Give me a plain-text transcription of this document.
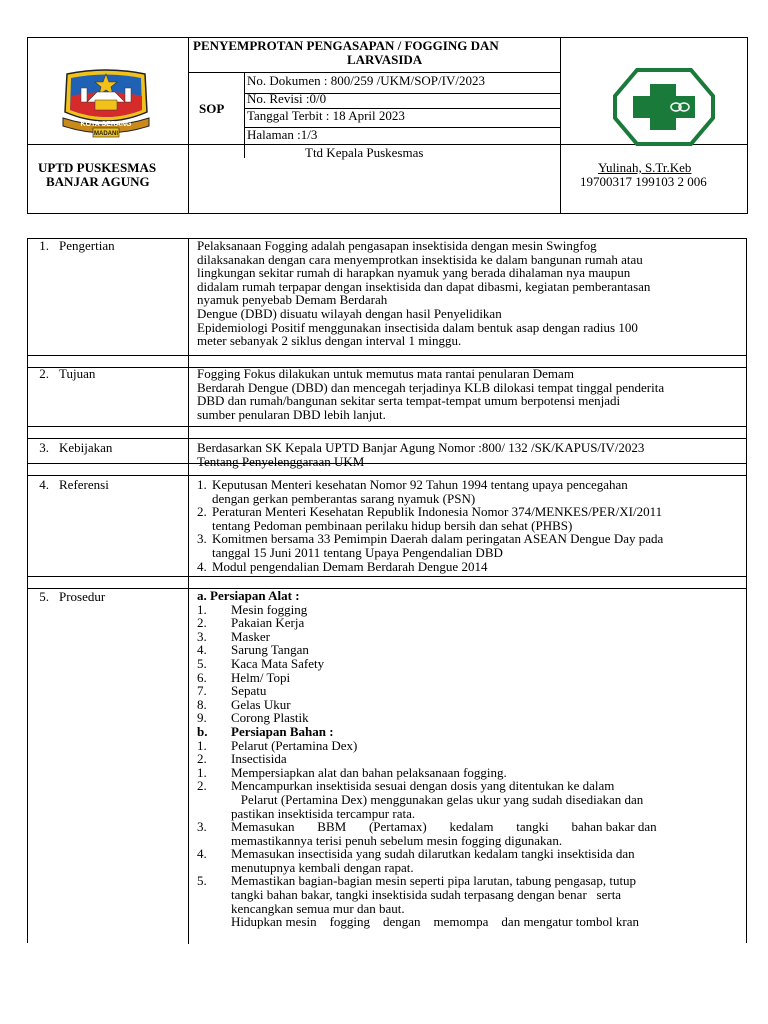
KOTA SERANG
MADANI
PENYEMPROTAN PENGASAPAN / FOGGING DAN
LARVASIDA
SOP
No. Dokumen : 800/259 /UKM/SOP/IV/2023
No. Revisi :0/0
Tanggal Terbit : 18 April 2023
Halaman :1/3
UPTD PUSKESMAS
BANJAR AGUNG
Ttd Kepala Puskesmas
Yulinah, S.Tr.Keb
19700317 199103 2 006
1. Pengertian
2. Tujuan
3. Kebijakan
4. Referensi
5. Prosedur
Pelaksanaan Fogging adalah pengasapan insektisida dengan mesin Swingfog
dilaksanakan dengan cara menyemprotkan insektisida ke dalam bangunan rumah atau
lingkungan sekitar rumah di harapkan nyamuk yang berada dihalaman nya maupun
didalam rumah terpapar dengan insektisida dan dapat dibasmi, kegiatan pemberantasan
nyamuk penyebab Demam Berdarah
Dengue (DBD) disuatu wilayah dengan hasil Penyelidikan
Epidemiologi Positif menggunakan insectisida dalam bentuk asap dengan radius 100
meter sebanyak 2 siklus dengan interval 1 minggu.
Fogging Fokus dilakukan untuk memutus mata rantai penularan Demam
Berdarah Dengue (DBD) dan mencegah terjadinya KLB dilokasi tempat tinggal penderita
DBD dan rumah/bangunan sekitar serta tempat-tempat umum berpotensi menjadi
sumber penularan DBD lebih lanjut.
Berdasarkan SK Kepala UPTD Banjar Agung Nomor :800/ 132 /SK/KAPUS/IV/2023
Tentang Penyelenggaraan UKM
1. Keputusan Menteri kesehatan Nomor 92 Tahun 1994 tentang upaya pencegahan
dengan gerkan pemberantas sarang nyamuk (PSN)
2. Peraturan Menteri Kesehatan Republik Indonesia Nomor 374/MENKES/PER/XI/2011
tentang Pedoman pembinaan perilaku hidup bersih dan sehat (PHBS)
3. Komitmen bersama 33 Pemimpin Daerah dalam peringatan ASEAN Dengue Day pada
tanggal 15 Juni 2011 tentang Upaya Pengendalian DBD
4. Modul pengendalian Demam Berdarah Dengue 2014
a. Persiapan Alat :
1. Mesin fogging
2. Pakaian Kerja
3. Masker
4. Sarung Tangan
5. Kaca Mata Safety
6. Helm/ Topi
7. Sepatu
8. Gelas Ukur
9. Corong Plastik
b. Persiapan Bahan :
1. Pelarut (Pertamina Dex)
2. Insectisida
1. Mempersiapkan alat dan bahan pelaksanaan fogging.
2. Mencampurkan insektisida sesuai dengan dosis yang ditentukan ke dalam
Pelarut (Pertamina Dex) menggunakan gelas ukur yang sudah disediakan dan
pastikan insektisida tercampur rata.
3. Memasukan       BBM       (Pertamax)       kedalam       tangki       bahan bakar dan
memastikannya terisi penuh sebelum mesin fogging digunakan.
4. Memasukan insectisida yang sudah dilarutkan kedalam tangki insektisida dan
menutupnya kembali dengan rapat.
5. Memastikan bagian-bagian mesin seperti pipa larutan, tabung pengasap, tutup
tangki bahan bakar, tangki insektisida sudah terpasang dengan benar   serta
kencangkan semua mur dan baut.
Hidupkan mesin    fogging    dengan    memompa    dan mengatur tombol kran
